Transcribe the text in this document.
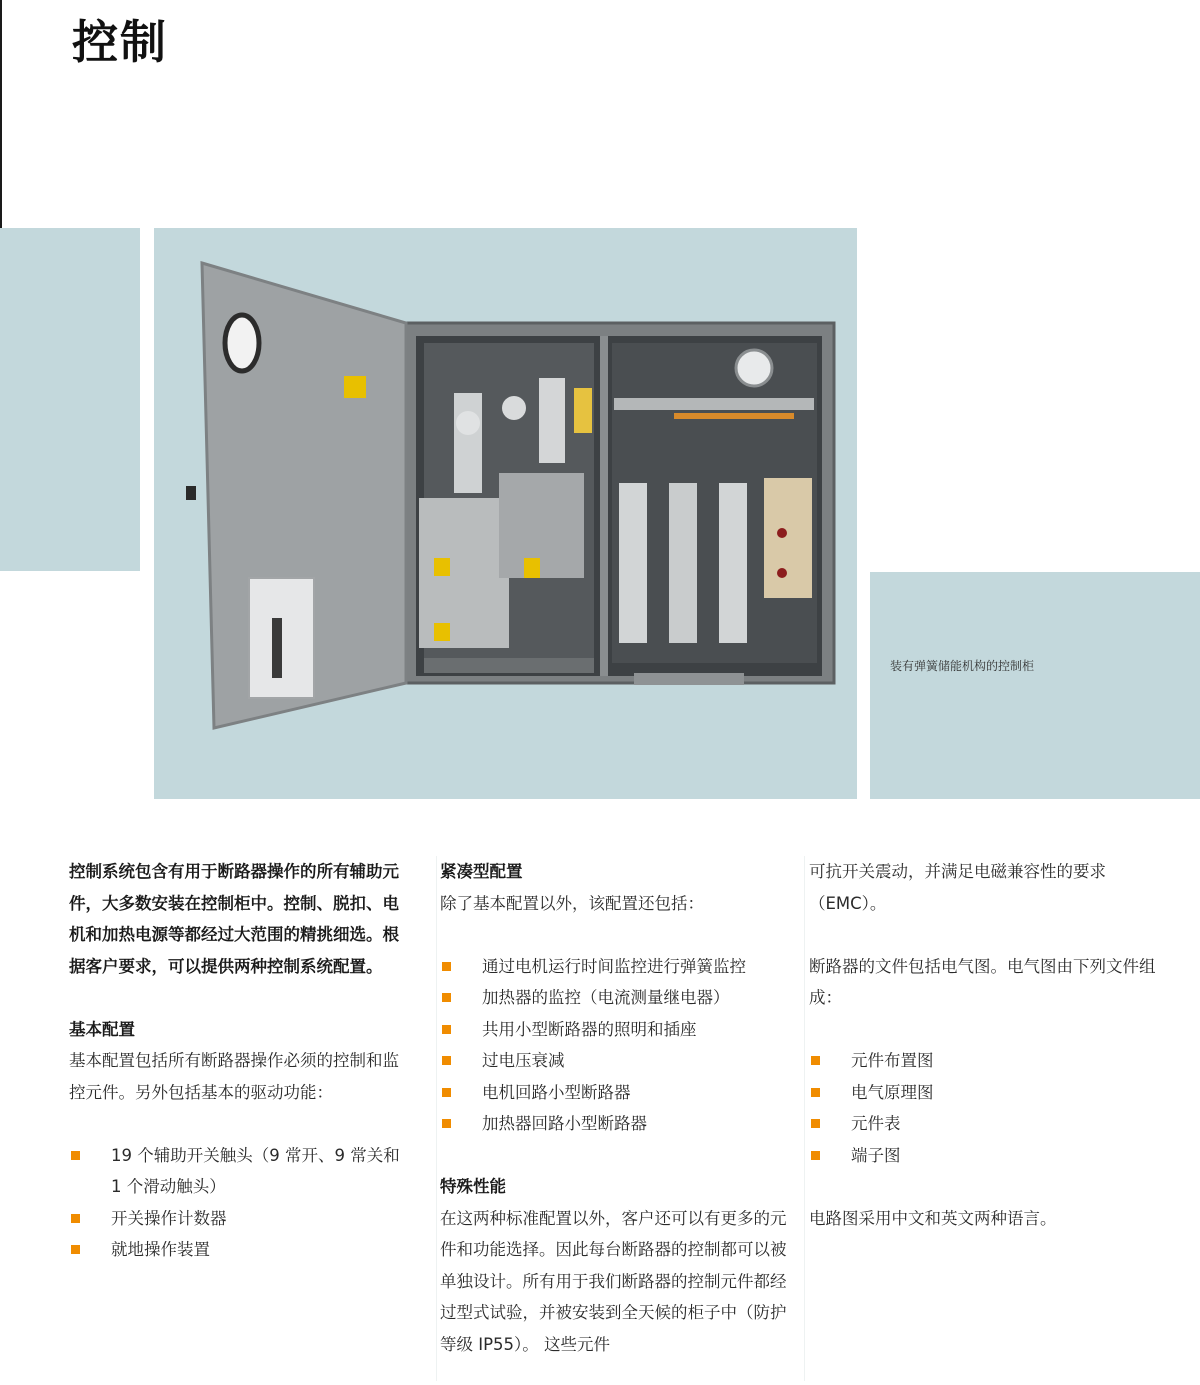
控制
装有弹簧储能机构的控制柜

控制系统包含有用于断路器操作的所有辅助元件，大多数安装在控制柜中。控制、脱扣、电机和加热电源等都经过大范围的精挑细选。根据客户要求，可以提供两种控制系统配置。

基本配置

基本配置包括所有断路器操作必须的控制和监控元件。另外包括基本的驱动功能：

19 个辅助开关触头（9 常开、9 常关和 1 个滑动触头）
开关操作计数器
就地操作装置

紧凑型配置

除了基本配置以外，该配置还包括：

通过电机运行时间监控进行弹簧监控
加热器的监控（电流测量继电器）
共用小型断路器的照明和插座
过电压衰减
电机回路小型断路器
加热器回路小型断路器

特殊性能

在这两种标准配置以外，客户还可以有更多的元件和功能选择。因此每台断路器的控制都可以被单独设计。所有用于我们断路器的控制元件都经过型式试验，并被安装到全天候的柜子中（防护等级 IP55）。 这些元件

可抗开关震动，并满足电磁兼容性的要求（EMC）。

断路器的文件包括电气图。电气图由下列文件组成：

元件布置图
电气原理图
元件表
端子图

电路图采用中文和英文两种语言。
